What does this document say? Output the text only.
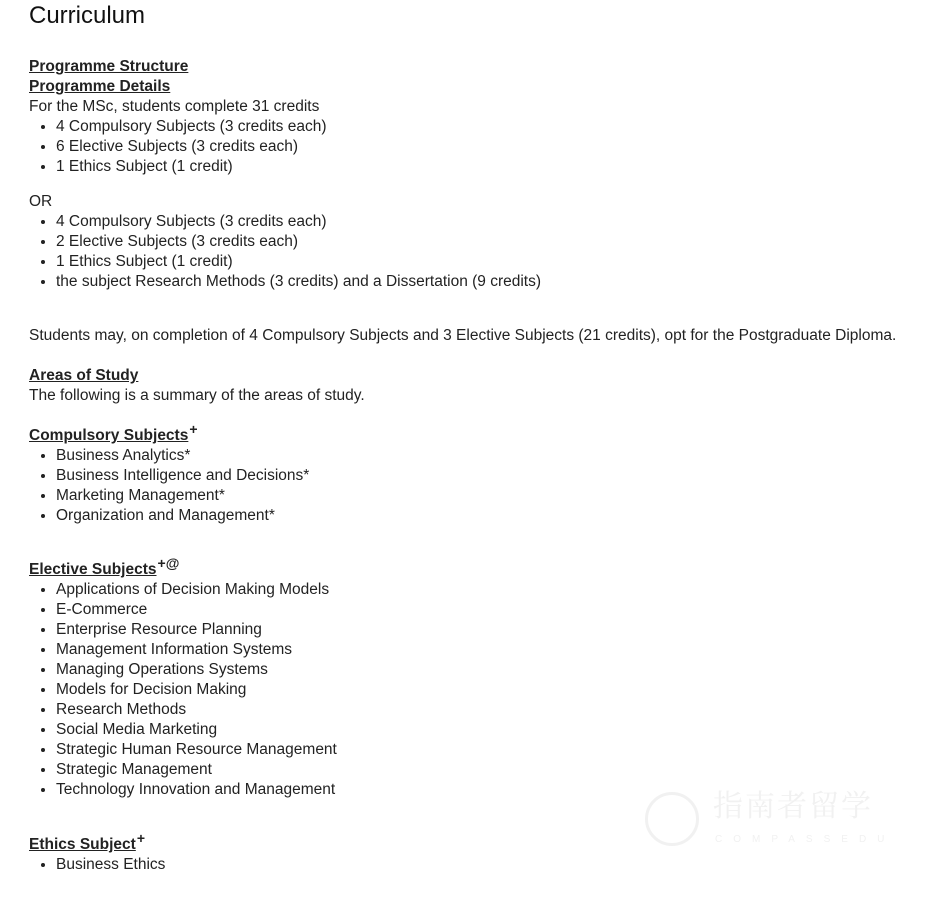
Curriculum
Programme Structure
Programme Details

For the MSc, students complete 31 credits

• 4 Compulsory Subjects (3 credits each)
• 6 Elective Subjects (3 credits each)
• 1 Ethics Subject (1 credit)

OR

• 4 Compulsory Subjects (3 credits each)
• 2 Elective Subjects (3 credits each)
• 1 Ethics Subject (1 credit)
• the subject Research Methods (3 credits) and a Dissertation (9 credits)

Students may, on completion of 4 Compulsory Subjects and 3 Elective Subjects (21 credits), opt for the Postgraduate Diploma.

Areas of Study

The following is a summary of the areas of study.

Compulsory Subjects+
• Business Analytics*
• Business Intelligence and Decisions*
• Marketing Management*
• Organization and Management*
Elective Subjects+@
• Applications of Decision Making Models
• E-Commerce
• Enterprise Resource Planning
• Management Information Systems
• Managing Operations Systems
• Models for Decision Making
• Research Methods
• Social Media Marketing
• Strategic Human Resource Management
• Strategic Management
• Technology Innovation and Management
Ethics Subject+
• Business Ethics
指南者留学
COMPASSEDU
